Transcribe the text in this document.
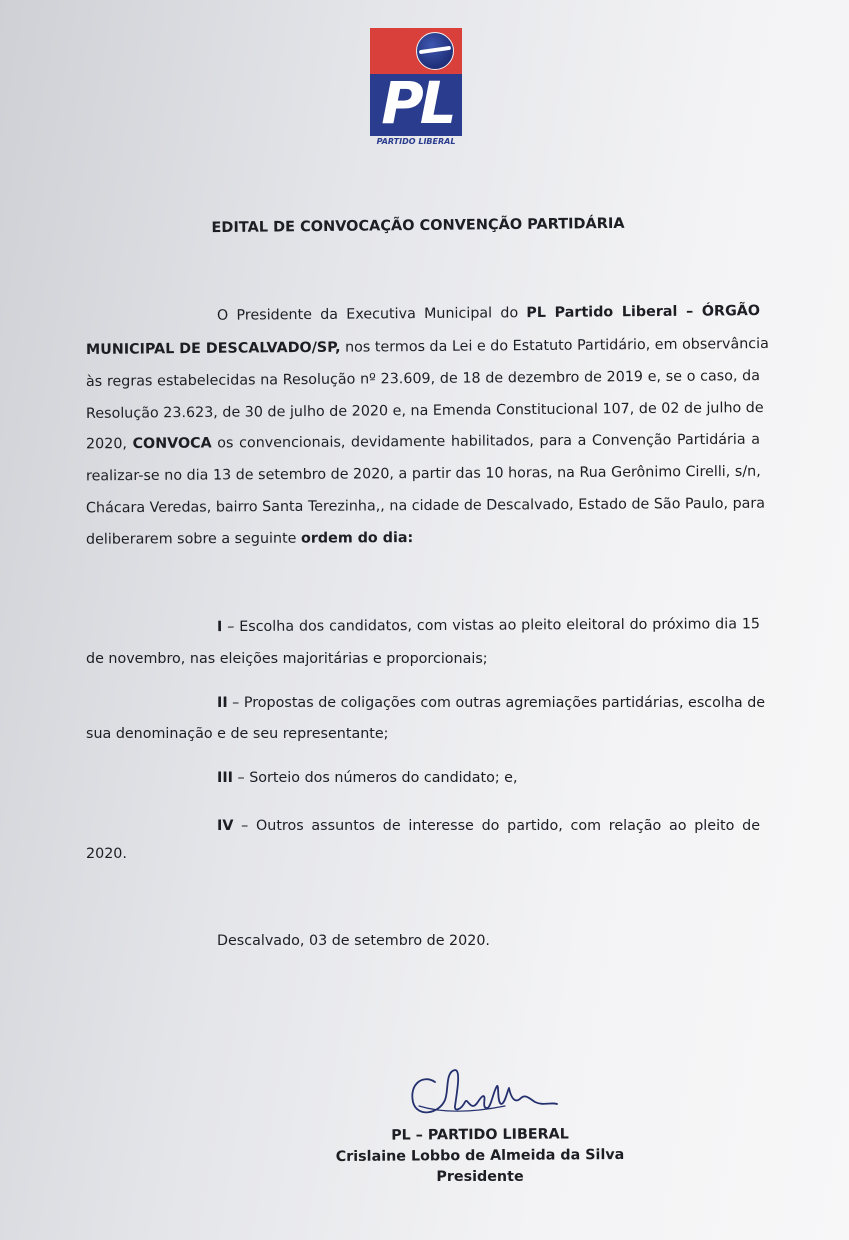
PL
PARTIDO LIBERAL
EDITAL DE CONVOCAÇÃO CONVENÇÃO PARTIDÁRIA
O Presidente da Executiva Municipal do PL Partido Liberal – ÓRGÃO
MUNICIPAL DE DESCALVADO/SP, nos termos da Lei e do Estatuto Partidário, em observância
às regras estabelecidas na Resolução nº 23.609, de 18 de dezembro de 2019 e, se o caso, da
Resolução 23.623, de 30 de julho de 2020 e, na Emenda Constitucional 107, de 02 de julho de
2020, CONVOCA os convencionais, devidamente habilitados, para a Convenção Partidária a
realizar-se no dia 13 de setembro de 2020, a partir das 10 horas, na Rua Gerônimo Cirelli, s/n,
Chácara Veredas, bairro Santa Terezinha,, na cidade de Descalvado, Estado de São Paulo, para
deliberarem sobre a seguinte ordem do dia:
I – Escolha dos candidatos, com vistas ao pleito eleitoral do próximo dia 15
de novembro, nas eleições majoritárias e proporcionais;
II – Propostas de coligações com outras agremiações partidárias, escolha de
sua denominação e de seu representante;
III – Sorteio dos números do candidato; e,
IV – Outros assuntos de interesse do partido, com relação ao pleito de
2020.
Descalvado, 03 de setembro de 2020.
PL – PARTIDO LIBERAL
Crislaine Lobbo de Almeida da Silva
Presidente
